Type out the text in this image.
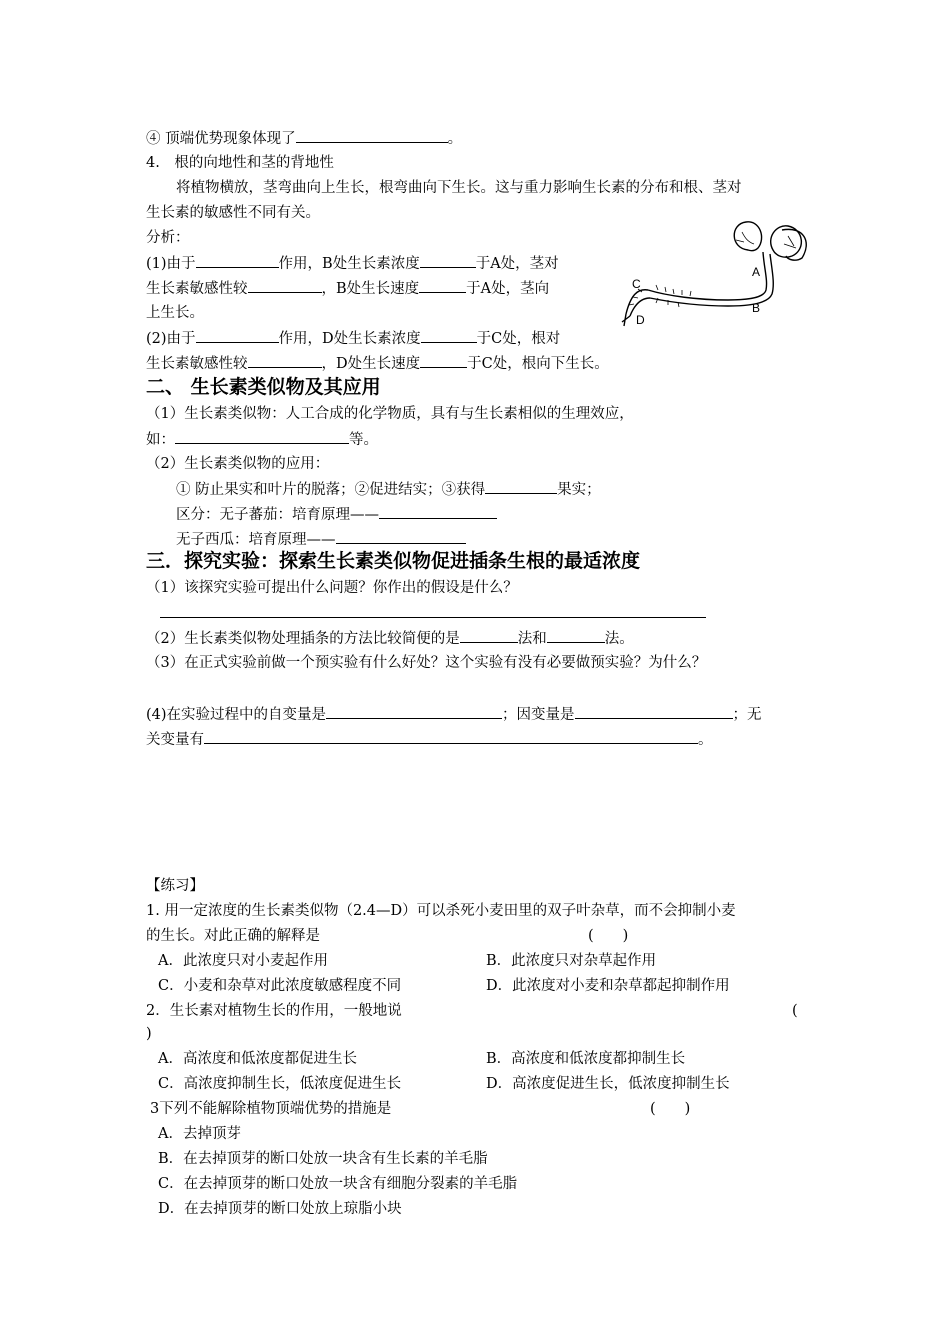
④ 顶端优势现象体现了	。
4.　根的向地性和茎的背地性
将植物横放，茎弯曲向上生长，根弯曲向下生长。这与重力影响生长素的分布和根、茎对
生长素的敏感性不同有关。
分析：
(1)由于	作用，B处生长素浓度	于A处，茎对
生长素敏感性较	，B处生长速度	于A处，茎向
上生长。
(2)由于	作用，D处生长素浓度	于C处，根对
生长素敏感性较	，D处生长速度	于C处，根向下生长。
A
B
C
D
二、 生长素类似物及其应用
（1）生长素类似物：人工合成的化学物质，具有与生长素相似的生理效应，
如：	等。
（2）生长素类似物的应用：
① 防止果实和叶片的脱落；②促进结实；③获得	果实；
区分：无子蕃茄：培育原理——
无子西瓜：培育原理——
三．探究实验：探索生长素类似物促进插条生根的最适浓度
（1）该探究实验可提出什么问题？你作出的假设是什么？
（2）生长素类似物处理插条的方法比较简便的是	法和	法。
（3）在正式实验前做一个预实验有什么好处？这个实验有没有必要做预实验？为什么？
(4)在实验过程中的自变量是	；因变量是	；无
关变量有	。
【练习】
1. 用一定浓度的生长素类似物（2.4—D）可以杀死小麦田里的双子叶杂草，而不会抑制小麦
的生长。对此正确的解释是	(　　)
A．此浓度只对小麦起作用	B．此浓度只对杂草起作用
C．小麦和杂草对此浓度敏感程度不同	D．此浓度对小麦和杂草都起抑制作用
2．生长素对植物生长的作用，一般地说	(
)
A．高浓度和低浓度都促进生长	B．高浓度和低浓度都抑制生长
C．高浓度抑制生长，低浓度促进生长	D．高浓度促进生长，低浓度抑制生长
3下列不能解除植物顶端优势的措施是	(　　)
A．去掉顶芽
B．在去掉顶芽的断口处放一块含有生长素的羊毛脂
C．在去掉顶芽的断口处放一块含有细胞分裂素的羊毛脂
D．在去掉顶芽的断口处放上琼脂小块
